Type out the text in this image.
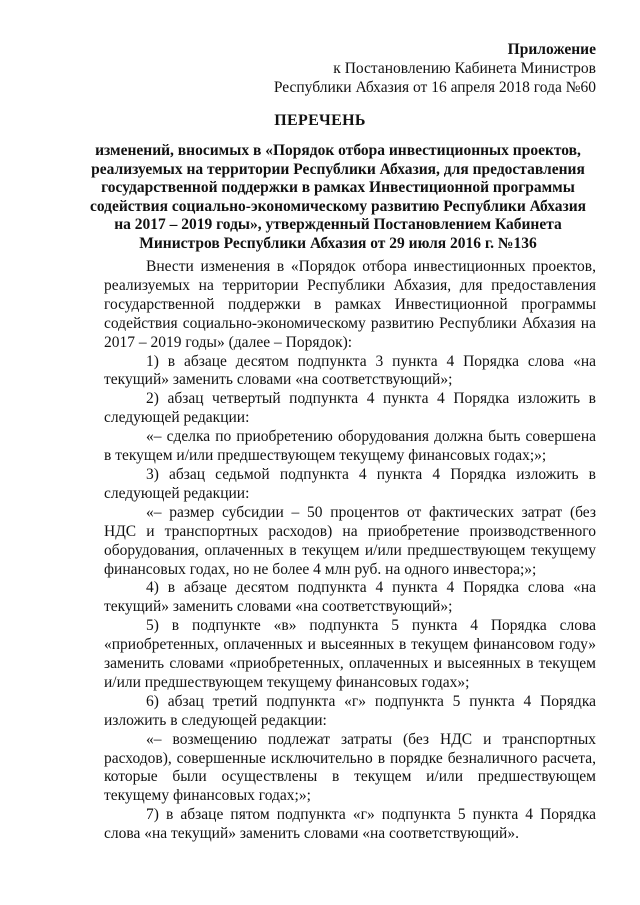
Приложение
к Постановлению Кабинета Министров
Республики Абхазия от 16 апреля 2018 года №60
ПЕРЕЧЕНЬ
изменений, вносимых в «Порядок отбора инвестиционных проектов, реализуемых на территории Республики Абхазия, для предоставления государственной поддержки в рамках Инвестиционной программы содействия социально-экономическому развитию Республики Абхазия на 2017 – 2019 годы», утвержденный Постановлением Кабинета Министров Республики Абхазия от 29 июля 2016 г. №136

Внести изменения в «Порядок отбора инвестиционных проектов, реализуемых на территории Республики Абхазия, для предоставления государственной поддержки в рамках Инвестиционной программы содействия социально-экономическому развитию Республики Абхазия на 2017 – 2019 годы» (далее – Порядок):

1) в абзаце десятом подпункта 3 пункта 4 Порядка слова «на текущий» заменить словами «на соответствующий»;

2) абзац четвертый подпункта 4 пункта 4 Порядка изложить в следующей редакции:

«– сделка по приобретению оборудования должна быть совершена в текущем и/или предшествующем текущему финансовых годах;»;

3) абзац седьмой подпункта 4 пункта 4 Порядка изложить в следующей редакции:

«– размер субсидии – 50 процентов от фактических затрат (без НДС и транспортных расходов) на приобретение производственного оборудования, оплаченных в текущем и/или предшествующем текущему финансовых годах, но не более 4 млн руб. на одного инвестора;»;

4) в абзаце десятом подпункта 4 пункта 4 Порядка слова «на текущий» заменить словами «на соответствующий»;

5) в подпункте «в» подпункта 5 пункта 4 Порядка слова «приобретенных, оплаченных и высеянных в текущем финансовом году» заменить словами «приобретенных, оплаченных и высеянных в текущем и/или предшествующем текущему финансовых годах»;

6) абзац третий подпункта «г» подпункта 5 пункта 4 Порядка изложить в следующей редакции:

«– возмещению подлежат затраты (без НДС и транспортных расходов), совершенные исключительно в порядке безналичного расчета, которые были осуществлены в текущем и/или предшествующем текущему финансовых годах;»;

7) в абзаце пятом подпункта «г» подпункта 5 пункта 4 Порядка слова «на текущий» заменить словами «на соответствующий».
